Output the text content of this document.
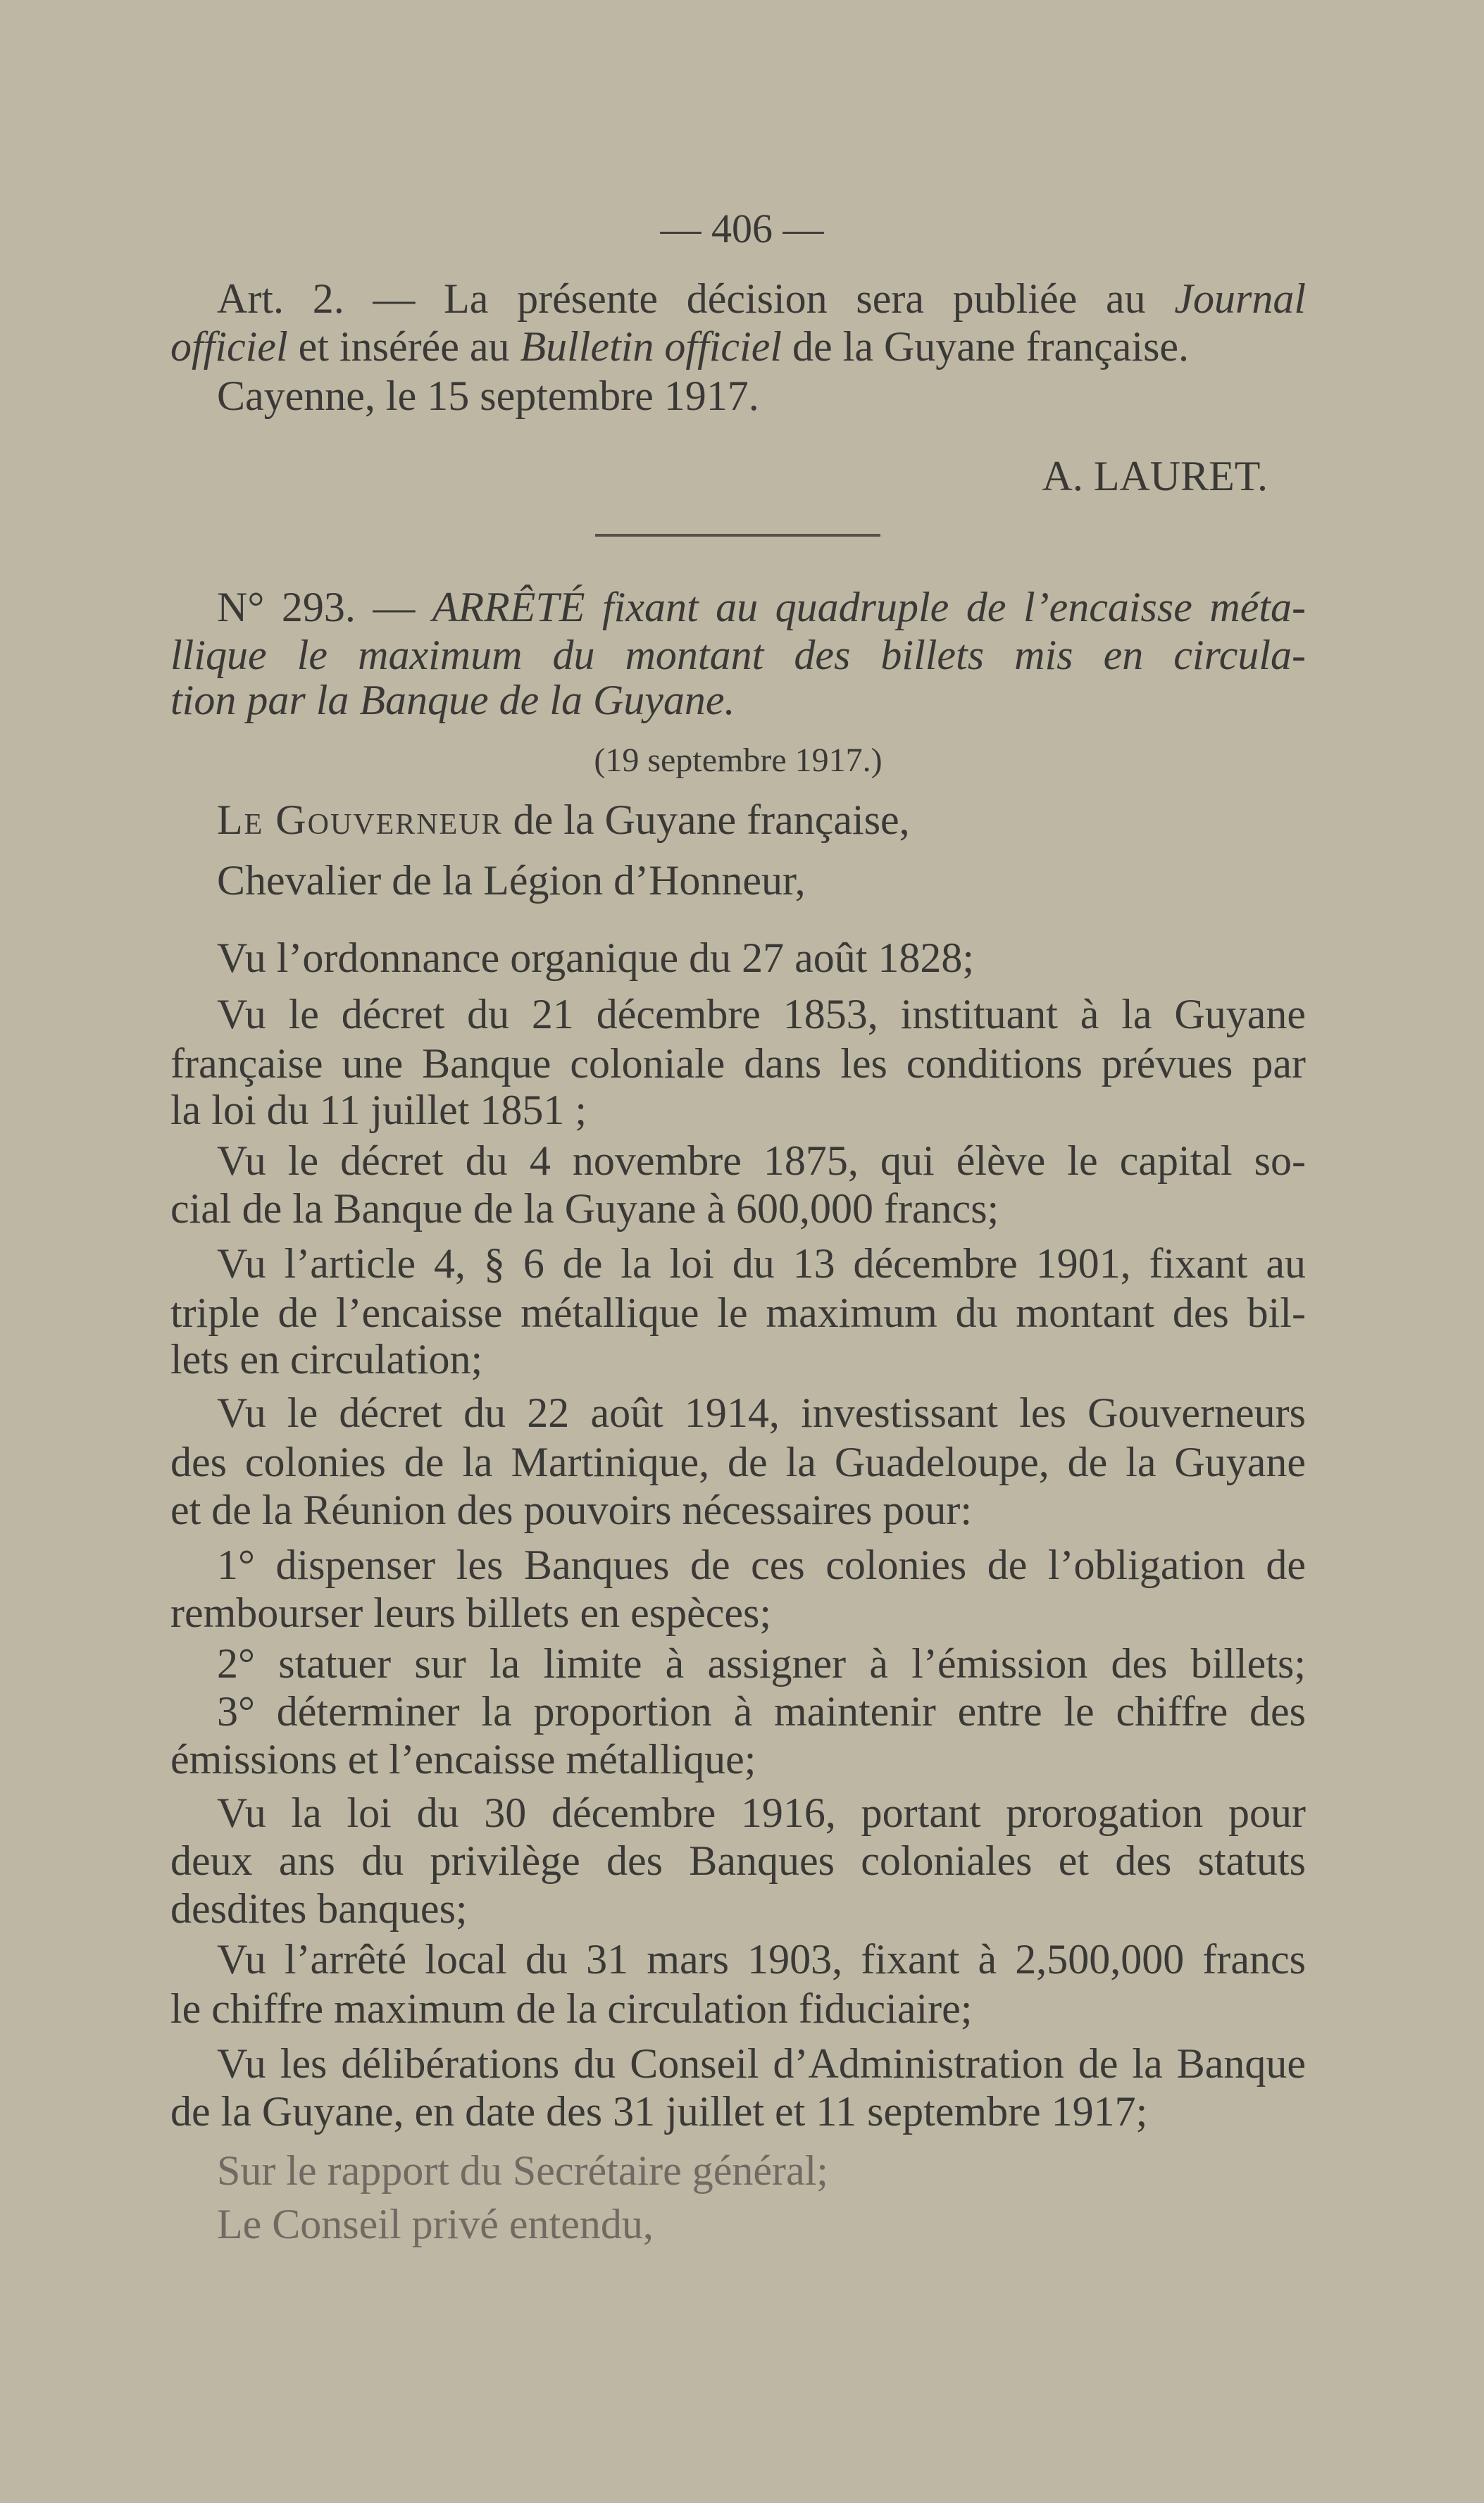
— 406 —
Art. 2. — La présente décision sera publiée au Journal
officiel et insérée au Bulletin officiel de la Guyane française.
Cayenne, le 15 septembre 1917.
A. LAURET.
N° 293. — ARRÊTÉ fixant au quadruple de l’encaisse méta-
llique le maximum du montant des billets mis en circula-
tion par la Banque de la Guyane.
(19 septembre 1917.)
Le Gouverneur de la Guyane française,
Chevalier de la Légion d’Honneur,
Vu l’ordonnance organique du 27 août 1828;
Vu le décret du 21 décembre 1853, instituant à la Guyane
française une Banque coloniale dans les conditions prévues par
la loi du 11 juillet 1851 ;
Vu le décret du 4 novembre 1875, qui élève le capital so-
cial de la Banque de la Guyane à 600,000 francs;
Vu l’article 4, § 6 de la loi du 13 décembre 1901, fixant au
triple de l’encaisse métallique le maximum du montant des bil-
lets en circulation;
Vu le décret du 22 août 1914, investissant les Gouverneurs
des colonies de la Martinique, de la Guadeloupe, de la Guyane
et de la Réunion des pouvoirs nécessaires pour:
1° dispenser les Banques de ces colonies de l’obligation de
rembourser leurs billets en espèces;
2° statuer sur la limite à assigner à l’émission des billets;
3° déterminer la proportion à maintenir entre le chiffre des
émissions et l’encaisse métallique;
Vu la loi du 30 décembre 1916, portant prorogation pour
deux ans du privilège des Banques coloniales et des statuts
desdites banques;
Vu l’arrêté local du 31 mars 1903, fixant à 2,500,000 francs
le chiffre maximum de la circulation fiduciaire;
Vu les délibérations du Conseil d’Administration de la Banque
de la Guyane, en date des 31 juillet et 11 septembre 1917;
Sur le rapport du Secrétaire général;
Le Conseil privé entendu,
